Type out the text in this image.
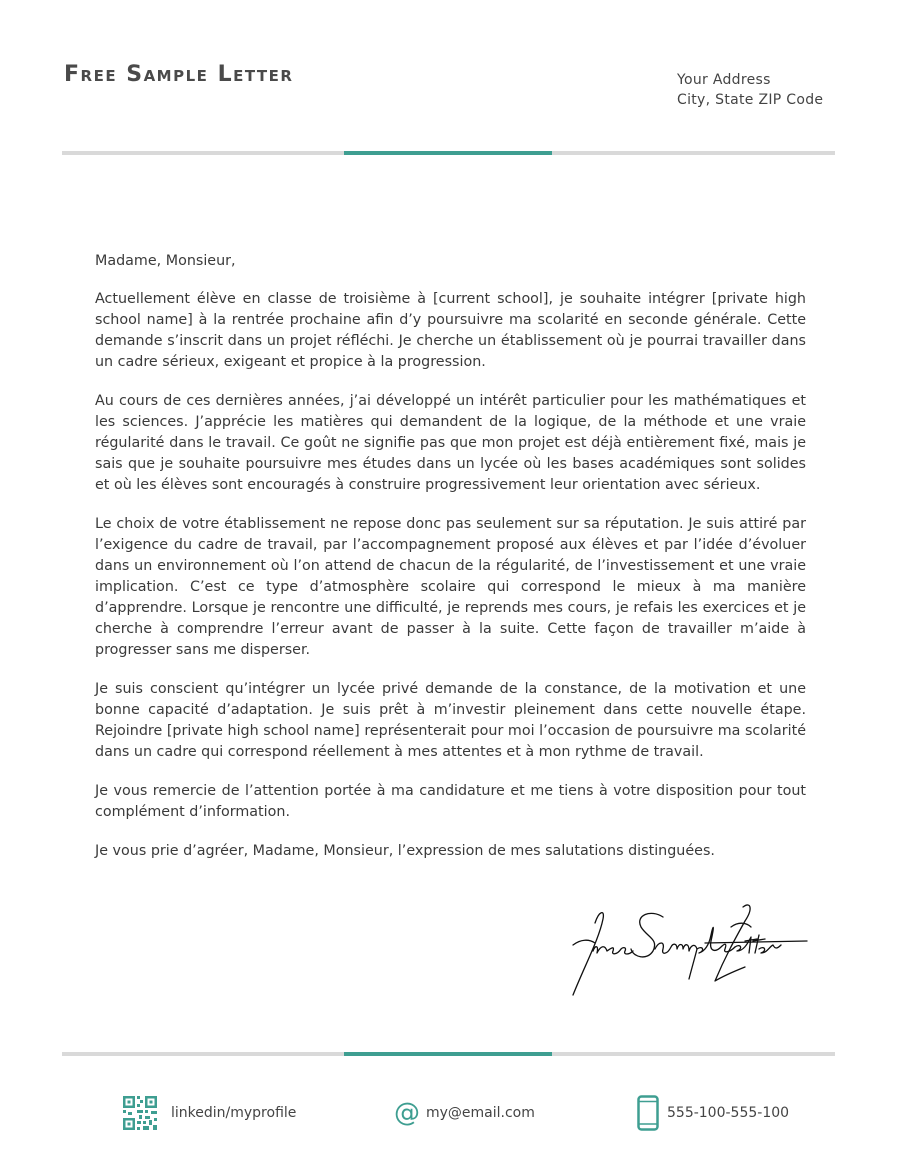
Free Sample Letter	Your Address
City, State ZIP Code

Madame, Monsieur,

Actuellement élève en classe de troisième à [current school], je souhaite intégrer [private high school name] à la rentrée prochaine afin d’y poursuivre ma scolarité en seconde générale. Cette demande s’inscrit dans un projet réfléchi. Je cherche un établissement où je pourrai travailler dans un cadre sérieux, exigeant et propice à la progression.

Au cours de ces dernières années, j’ai développé un intérêt particulier pour les mathématiques et les sciences. J’apprécie les matières qui demandent de la logique, de la méthode et une vraie régularité dans le travail. Ce goût ne signifie pas que mon projet est déjà entièrement fixé, mais je sais que je souhaite poursuivre mes études dans un lycée où les bases académiques sont solides et où les élèves sont encouragés à construire progressivement leur orientation avec sérieux.

Le choix de votre établissement ne repose donc pas seulement sur sa réputation. Je suis attiré par l’exigence du cadre de travail, par l’accompagnement proposé aux élèves et par l’idée d’évoluer dans un environnement où l’on attend de chacun de la régularité, de l’investissement et une vraie implication. C’est ce type d’atmosphère scolaire qui correspond le mieux à ma manière d’apprendre. Lorsque je rencontre une difficulté, je reprends mes cours, je refais les exercices et je cherche à comprendre l’erreur avant de passer à la suite. Cette façon de travailler m’aide à progresser sans me disperser.

Je suis conscient qu’intégrer un lycée privé demande de la constance, de la motivation et une bonne capacité d’adaptation. Je suis prêt à m’investir pleinement dans cette nouvelle étape. Rejoindre [private high school name] représenterait pour moi l’occasion de poursuivre ma scolarité dans un cadre qui correspond réellement à mes attentes et à mon rythme de travail.

Je vous remercie de l’attention portée à ma candidature et me tiens à votre disposition pour tout complément d’information.

Je vous prie d’agréer, Madame, Monsieur, l’expression de mes salutations distinguées.

linkedin/myprofile	@ my@email.com	555-100-555-100
